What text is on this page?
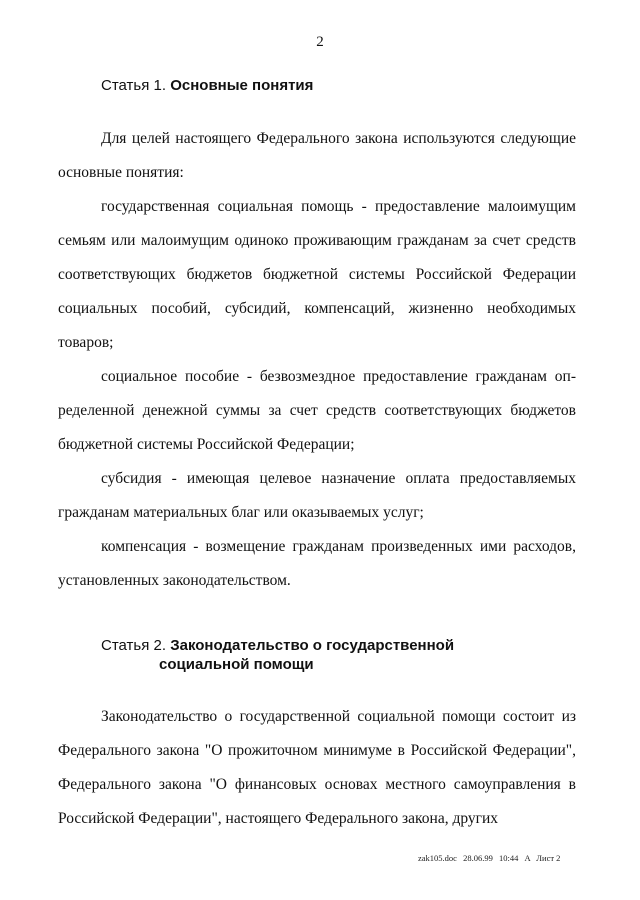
2
Статья 1. Основные понятия

Для целей настоящего Федерального закона используются следующие основные понятия:

государственная социальная помощь - предоставление малоимущим семьям или малоимущим одиноко проживающим гражданам за счет средств соответствующих бюджетов бюджетной системы Российской Федерации социальных пособий, субсидий, компенсаций, жизненно необходимых товаров;

социальное пособие - безвозмездное предоставление гражданам определенной денежной суммы за счет средств соответствующих бюджетов бюджетной системы Российской Федерации;

субсидия - имеющая целевое назначение оплата предоставляемых гражданам материальных благ или оказываемых услуг;

компенсация - возмещение гражданам произведенных ими расходов, установленных законодательством.

Статья 2. Законодательство о государственной
социальной помощи

Законодательство о государственной социальной помощи состоит из Федерального закона "О прожиточном минимуме в Российской Федерации", Федерального закона "О финансовых основах местного самоуправления в Российской Федерации", настоящего Федерального закона, других

zak105.doc 28.06.99 10:44 A Лист 2
